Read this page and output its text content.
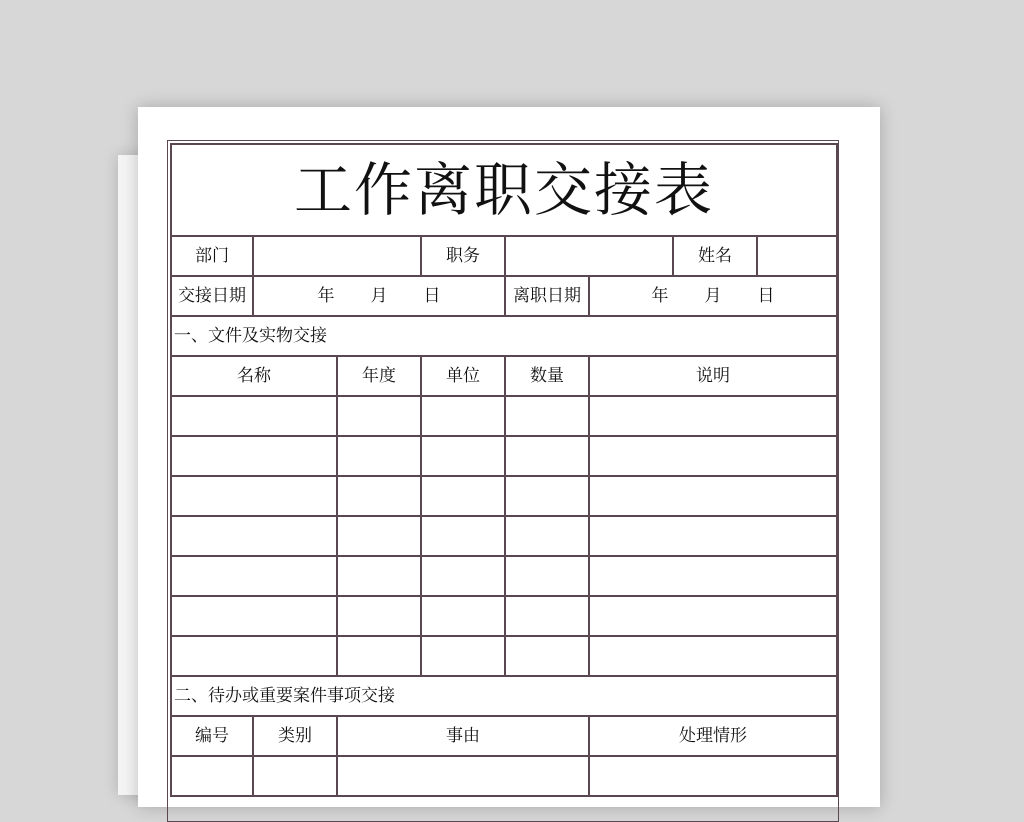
工作离职交接表							
部门			职务			姓名	
交接日期	年 月 日			离职日期	年 月 日		
一、文件及实物交接							
名称		年度	单位	数量	说明		

二、待办或重要案件事项交接							
编号	类别	事由			处理情形		
